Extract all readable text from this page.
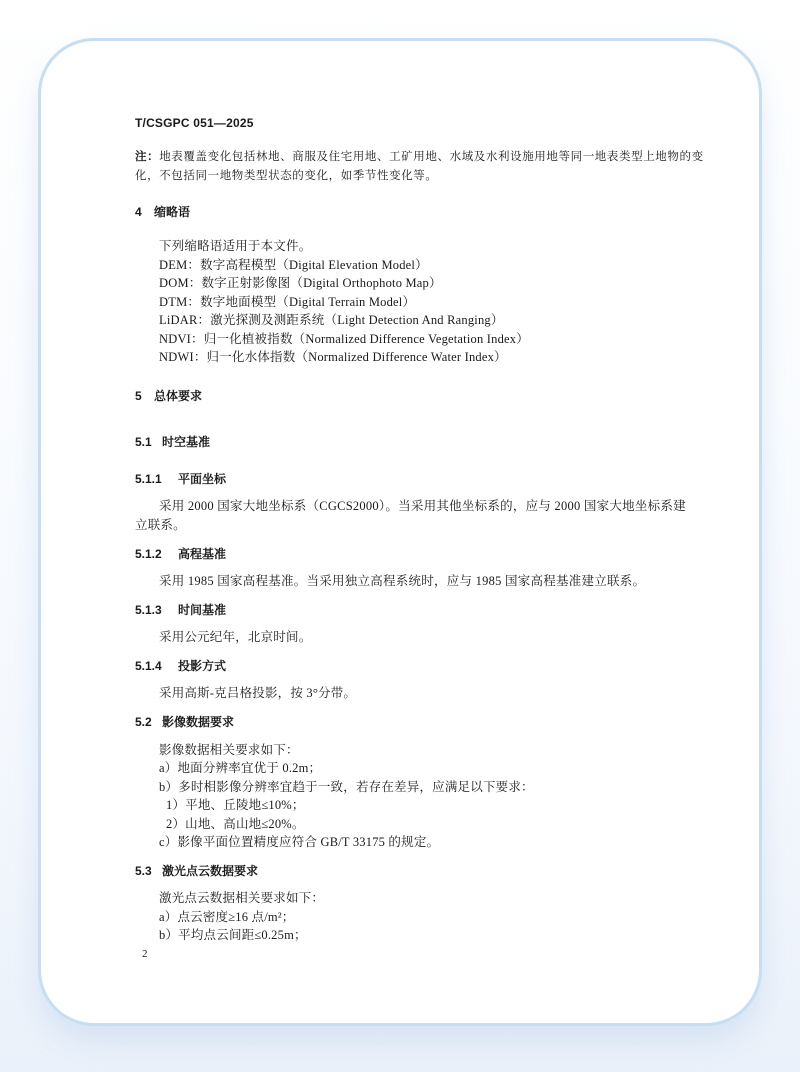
T/CSGPC 051—2025
注：地表覆盖变化包括林地、商服及住宅用地、工矿用地、水域及水利设施用地等同一地表类型上地物的变
化，不包括同一地物类型状态的变化，如季节性变化等。
4 缩略语
下列缩略语适用于本文件。
DEM：数字高程模型（Digital Elevation Model）
DOM：数字正射影像图（Digital Orthophoto Map）
DTM：数字地面模型（Digital Terrain Model）
LiDAR：激光探测及测距系统（Light Detection And Ranging）
NDVI：归一化植被指数（Normalized Difference Vegetation Index）
NDWI：归一化水体指数（Normalized Difference Water Index）
5 总体要求
5.1 时空基准
5.1.1 平面坐标
采用 2000 国家大地坐标系（CGCS2000）。当采用其他坐标系的，应与 2000 国家大地坐标系建
立联系。
5.1.2 高程基准
采用 1985 国家高程基准。当采用独立高程系统时，应与 1985 国家高程基准建立联系。
5.1.3 时间基准
采用公元纪年，北京时间。
5.1.4 投影方式
采用高斯-克吕格投影，按 3°分带。
5.2 影像数据要求
影像数据相关要求如下：
a）地面分辨率宜优于 0.2m；
b）多时相影像分辨率宜趋于一致，若存在差异，应满足以下要求：
1）平地、丘陵地≤10%；
2）山地、高山地≤20%。
c）影像平面位置精度应符合 GB/T 33175 的规定。
5.3 激光点云数据要求
激光点云数据相关要求如下：
a）点云密度≥16 点/m²；
b）平均点云间距≤0.25m；
2
